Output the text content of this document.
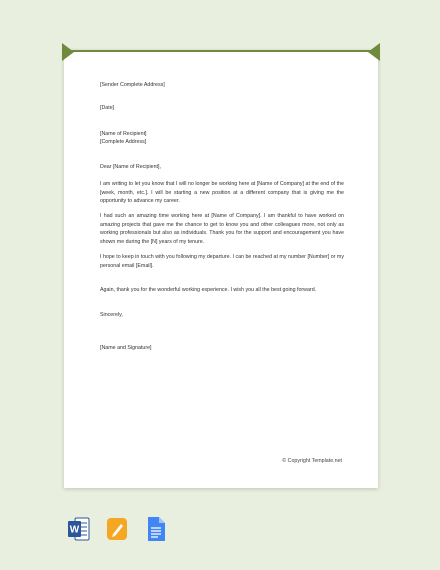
[Sender Complete Address]

[Date]

[Name of Recipient]

[Complete Address]

Dear [Name of Recipient],

I am writing to let you know that I will no longer be working here at [Name of Company] at the end of the [week, month, etc.]. I will be starting a new position at a different company that is giving me the opportunity to advance my career.

I had such an amazing time working here at [Name of Company]. I am thankful to have worked on amazing projects that gave me the chance to get to know you and other colleagues more, not only as working professionals but also as individuals. Thank you for the support and encouragement you have shown me during the [N] years of my tenure.

I hope to keep in touch with you following my departure. I can be reached at my number [Number] or my personal email [Email].

Again, thank you for the wonderful working experience. I wish you all the best going forward.

Sincerely,

[Name and Signature]

© Copyright Template.net
W
